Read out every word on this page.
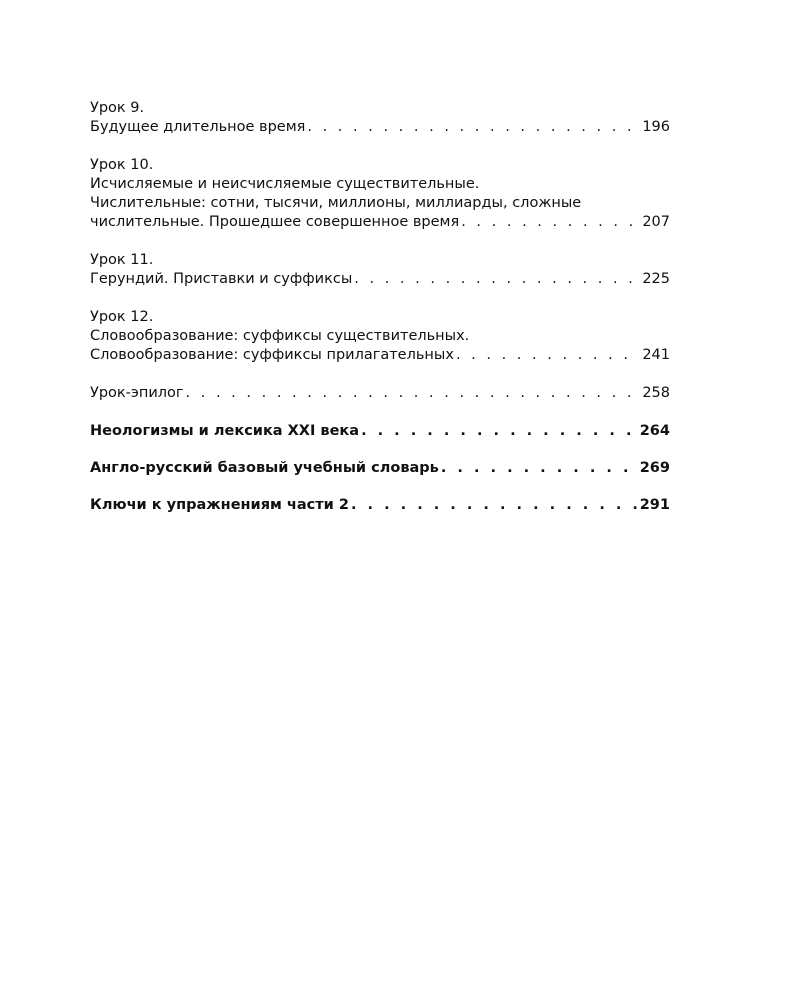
Урок 9.
Будущее длительное время . . .	196
Урок 10.
Исчисляемые и неисчисляемые существительные.
Числительные: сотни, тысячи, миллионы, миллиарды, сложные
числительные. Прошедшее совершенное время . . .	207
Урок 11.
Герундий. Приставки и суффиксы . . .	225
Урок 12.
Словообразование: суффиксы существительных.
Словообразование: суффиксы прилагательных . . .	241
Урок-эпилог . . .	258
Неологизмы и лексика XXI века . . .	264
Англо-русский базовый учебный словарь . . .	269
Ключи к упражнениям части 2 . . .	291
